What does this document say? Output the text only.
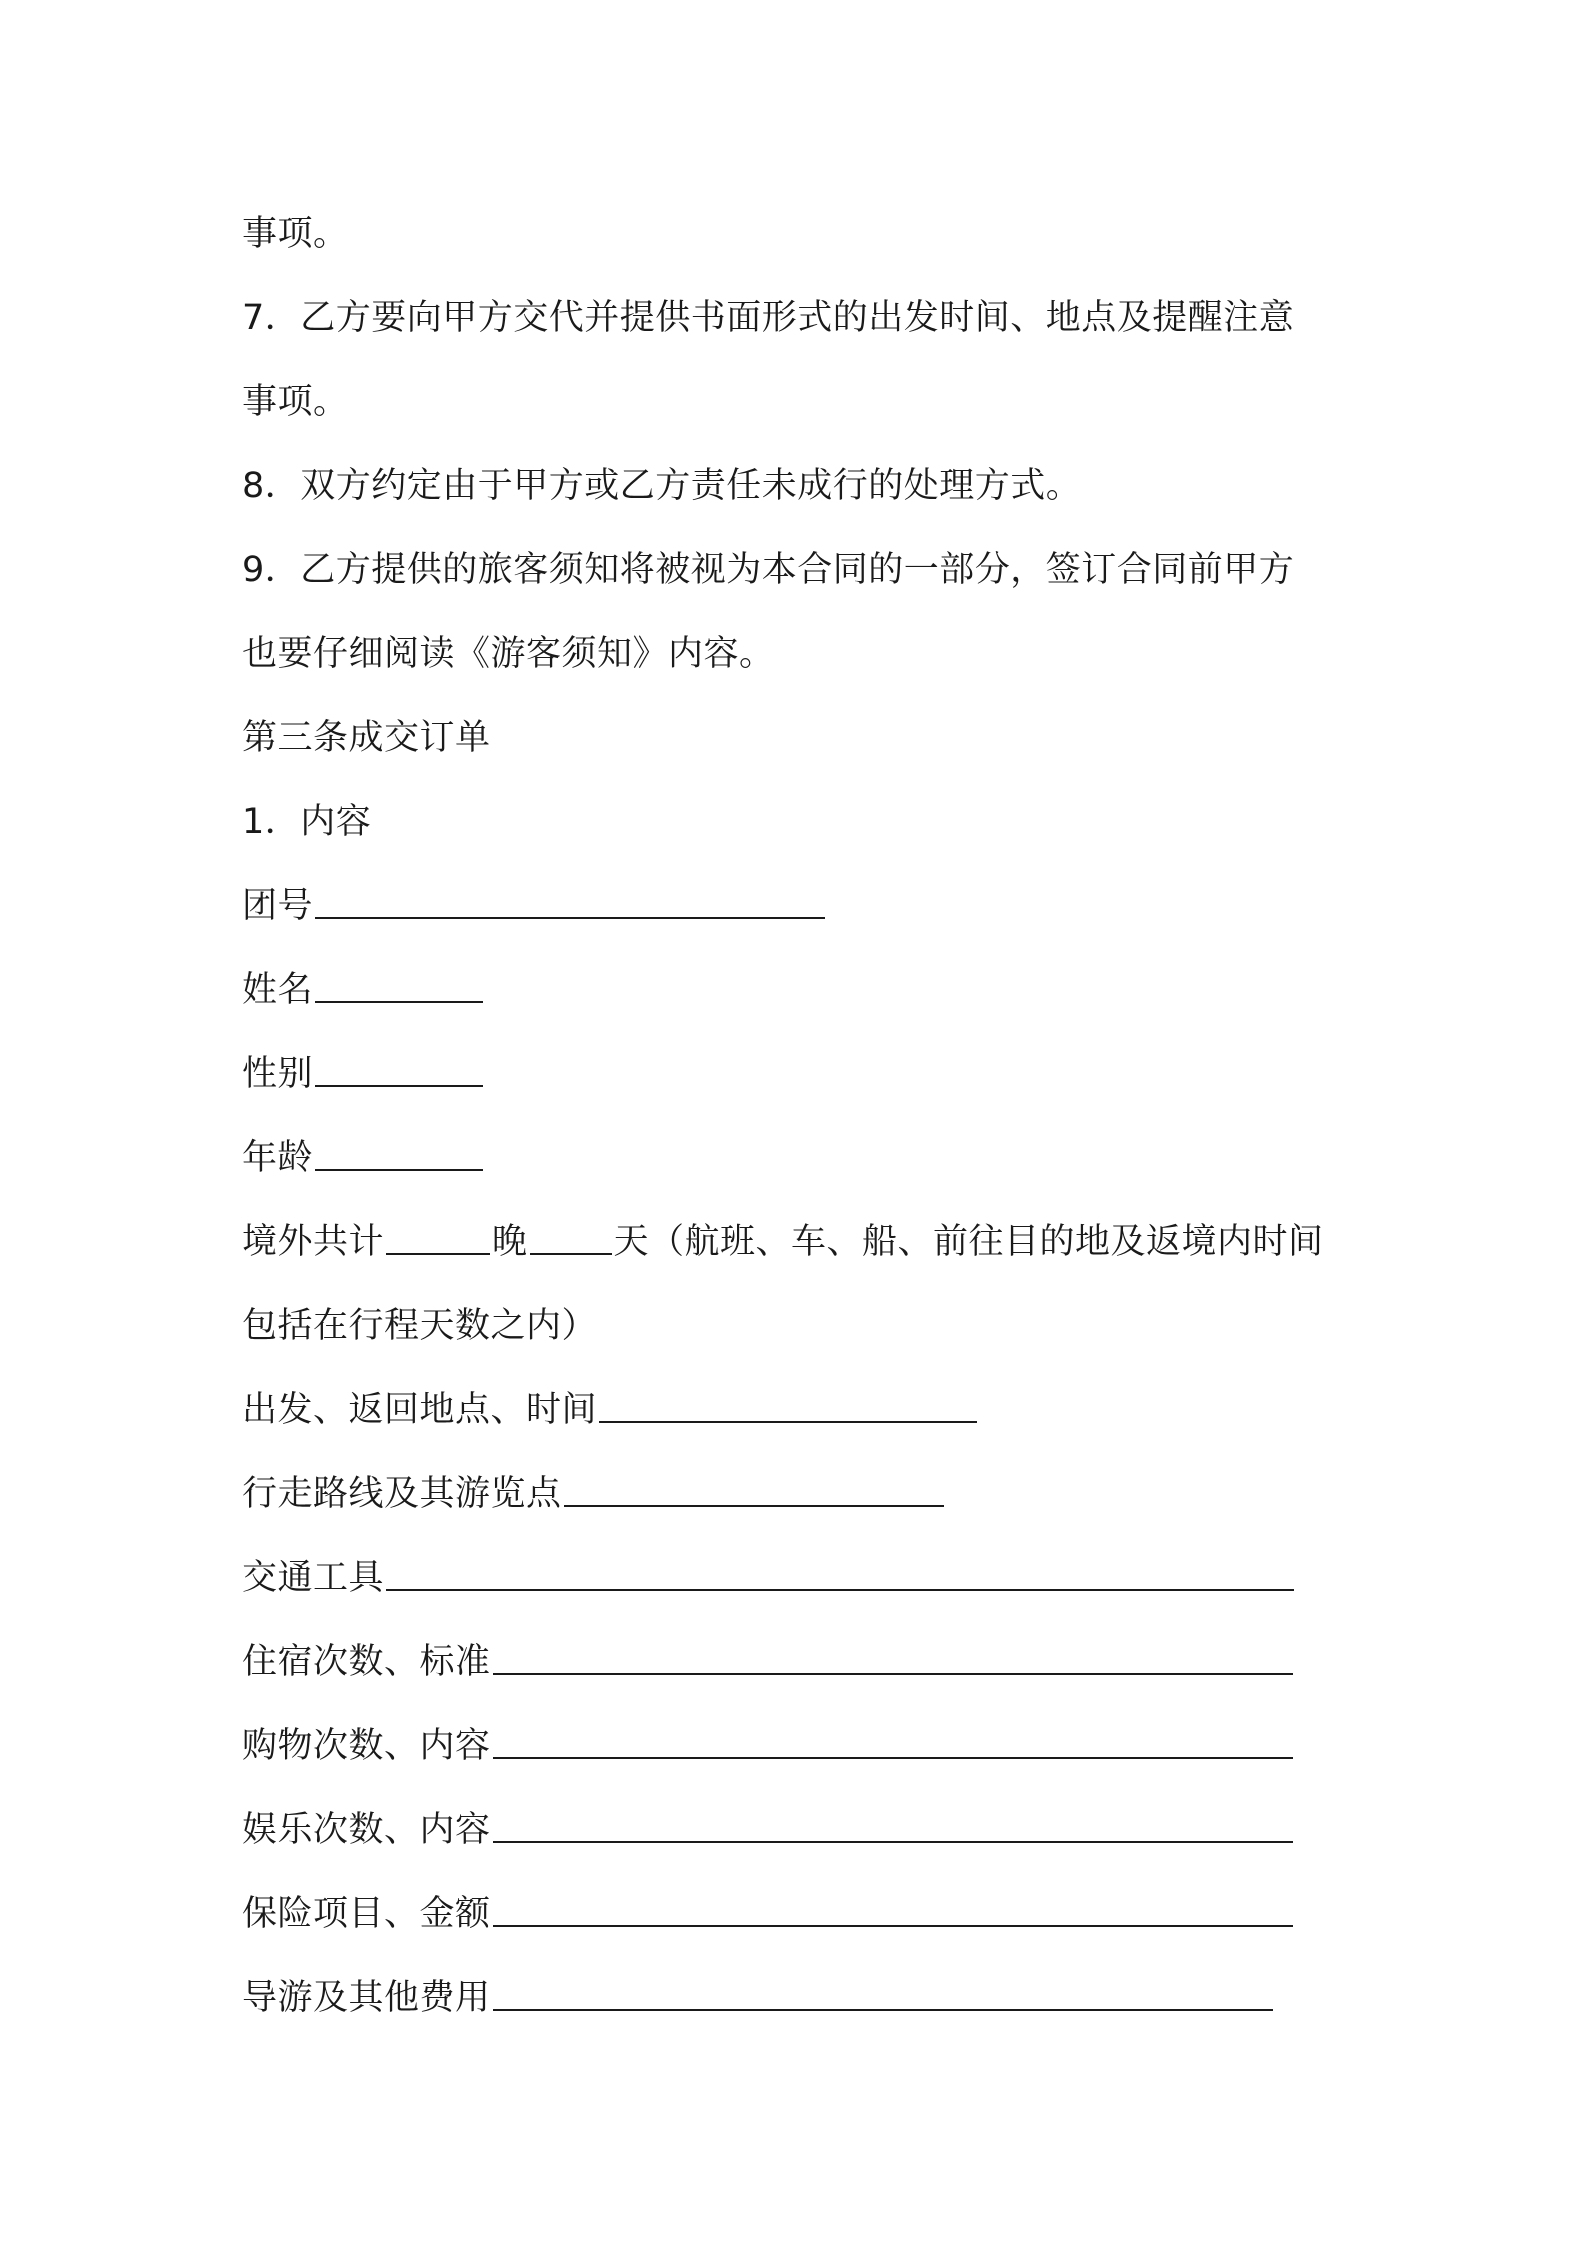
事项。
7．乙方要向甲方交代并提供书面形式的出发时间、地点及提醒注意
事项。
8．双方约定由于甲方或乙方责任未成行的处理方式。
9．乙方提供的旅客须知将被视为本合同的一部分，签订合同前甲方
也要仔细阅读《游客须知》内容。
第三条成交订单
1．内容
团号
姓名
性别
年龄
境外共计	晚 天（航班、车、船、前往目的地及返境内时间
包括在行程天数之内）
出发、返回地点、时间
行走路线及其游览点
交通工具
住宿次数、标准
购物次数、内容
娱乐次数、内容
保险项目、金额
导游及其他费用
